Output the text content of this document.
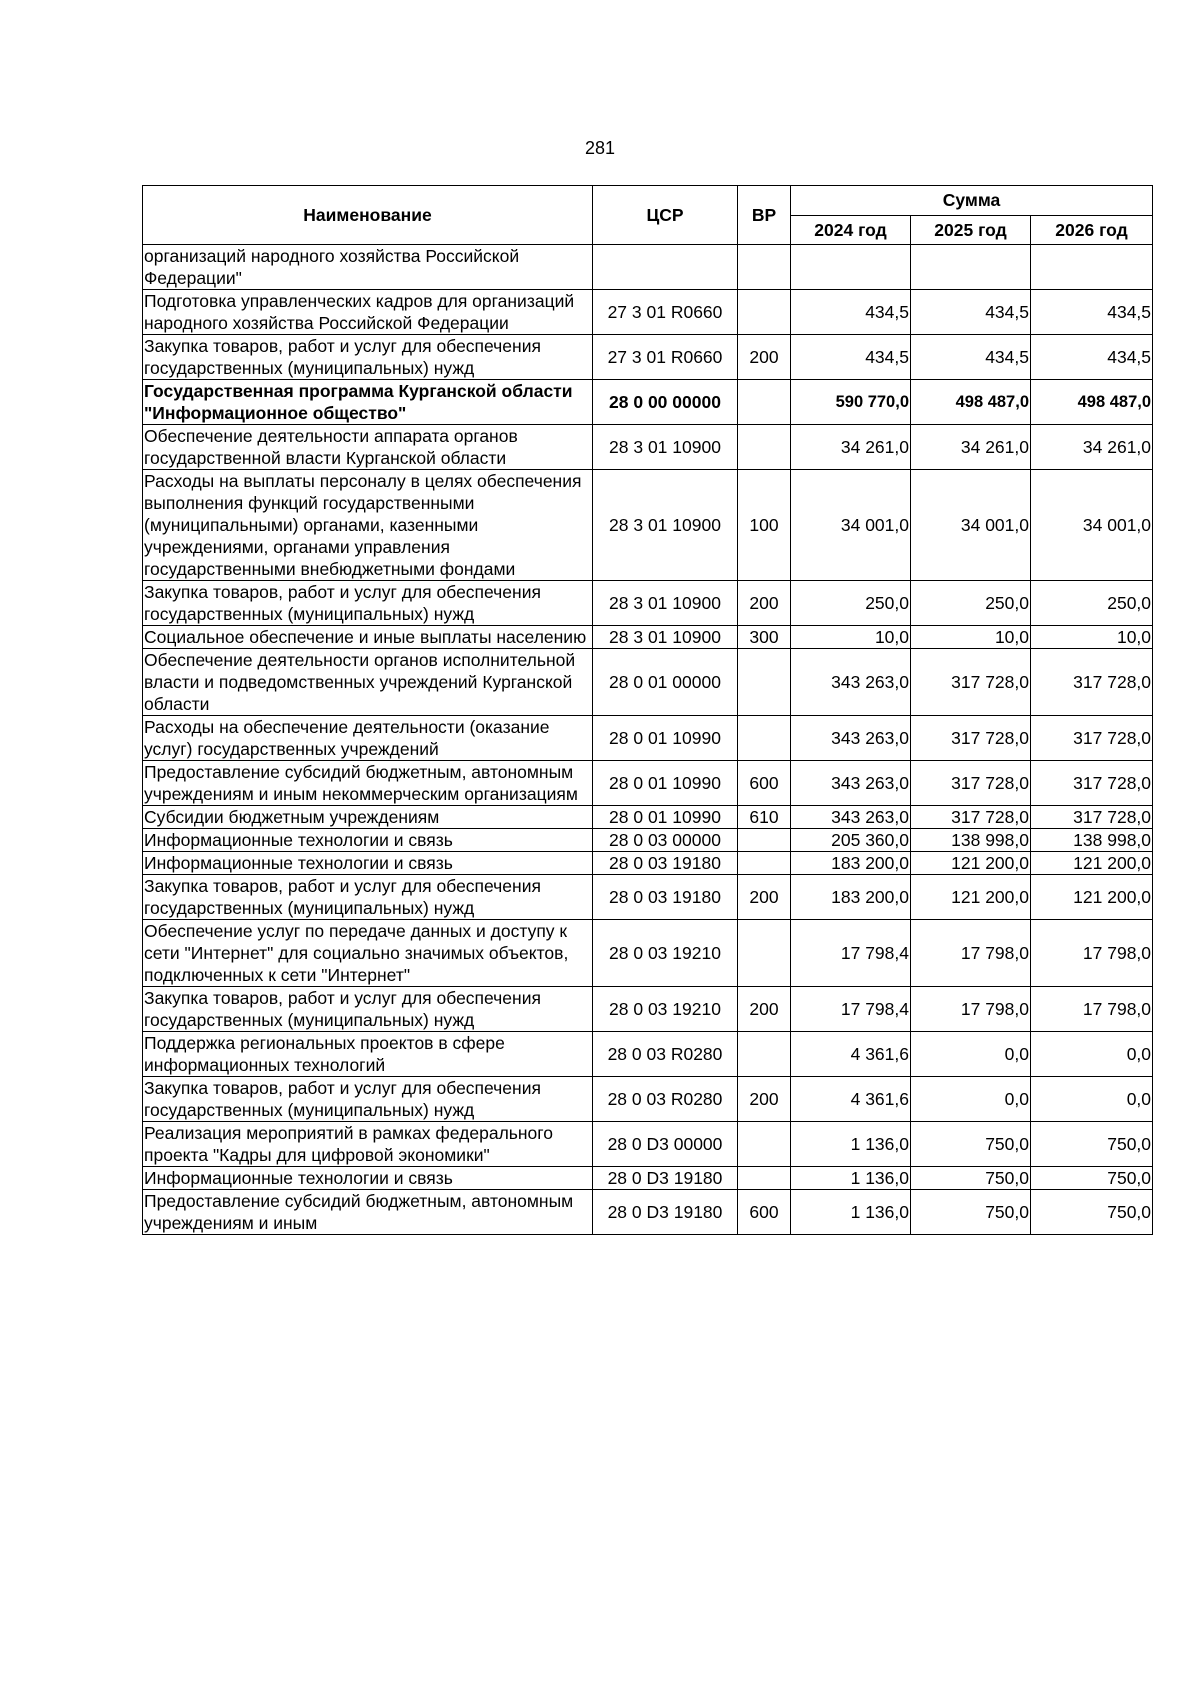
281
Наименование	ЦСР	ВР	Сумма		
			2024 год	2025 год	2026 год
организаций народного хозяйства Российской Федерации"					
Подготовка управленческих кадров для организаций народного хозяйства Российской Федерации	27 3 01 R0660		434,5	434,5	434,5
Закупка товаров, работ и услуг для обеспечения государственных (муниципальных) нужд	27 3 01 R0660	200	434,5	434,5	434,5
Государственная программа Курганской области "Информационное общество"	28 0 00 00000		590 770,0	498 487,0	498 487,0
Обеспечение деятельности аппарата органов государственной власти Курганской области	28 3 01 10900		34 261,0	34 261,0	34 261,0
Расходы на выплаты персоналу в целях обеспечения выполнения функций государственными (муниципальными) органами, казенными учреждениями, органами управления государственными внебюджетными фондами	28 3 01 10900	100	34 001,0	34 001,0	34 001,0
Закупка товаров, работ и услуг для обеспечения государственных (муниципальных) нужд	28 3 01 10900	200	250,0	250,0	250,0
Социальное обеспечение и иные выплаты населению	28 3 01 10900	300	10,0	10,0	10,0
Обеспечение деятельности органов исполнительной власти и подведомственных учреждений Курганской области	28 0 01 00000		343 263,0	317 728,0	317 728,0
Расходы на обеспечение деятельности (оказание услуг) государственных учреждений	28 0 01 10990		343 263,0	317 728,0	317 728,0
Предоставление субсидий бюджетным, автономным учреждениям и иным некоммерческим организациям	28 0 01 10990	600	343 263,0	317 728,0	317 728,0
Субсидии бюджетным учреждениям	28 0 01 10990	610	343 263,0	317 728,0	317 728,0
Информационные технологии и связь	28 0 03 00000		205 360,0	138 998,0	138 998,0
Информационные технологии и связь	28 0 03 19180		183 200,0	121 200,0	121 200,0
Закупка товаров, работ и услуг для обеспечения государственных (муниципальных) нужд	28 0 03 19180	200	183 200,0	121 200,0	121 200,0
Обеспечение услуг по передаче данных и доступу к сети "Интернет" для социально значимых объектов, подключенных к сети "Интернет"	28 0 03 19210		17 798,4	17 798,0	17 798,0
Закупка товаров, работ и услуг для обеспечения государственных (муниципальных) нужд	28 0 03 19210	200	17 798,4	17 798,0	17 798,0
Поддержка региональных проектов в сфере информационных технологий	28 0 03 R0280		4 361,6	0,0	0,0
Закупка товаров, работ и услуг для обеспечения государственных (муниципальных) нужд	28 0 03 R0280	200	4 361,6	0,0	0,0
Реализация мероприятий в рамках федерального проекта "Кадры для цифровой экономики"	28 0 D3 00000		1 136,0	750,0	750,0
Информационные технологии и связь	28 0 D3 19180		1 136,0	750,0	750,0
Предоставление субсидий бюджетным, автономным учреждениям и иным	28 0 D3 19180	600	1 136,0	750,0	750,0
